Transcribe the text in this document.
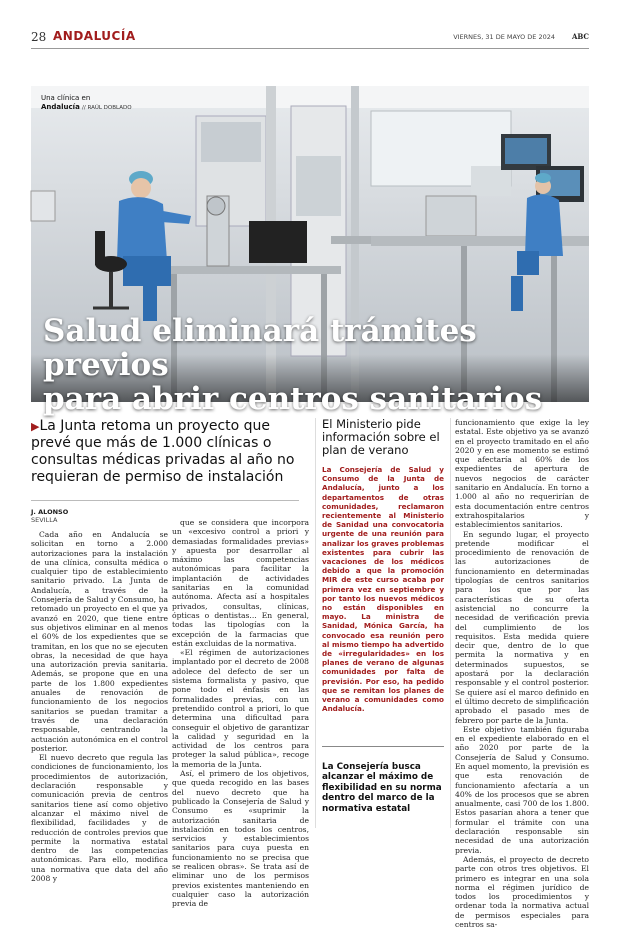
28 ANDALUCÍA	VIERNES, 31 DE MAYO DE 2024 ABC
Una clínica en
Andalucía // RAÚL DOBLADO
Salud eliminará trámites previos
para abrir centros sanitarios
▶La Junta retoma un proyecto que prevé que más de 1.000 clínicas o consultas médicas privadas al año no requieran de permiso de instalación
J. ALONSO
SEVILLA

Cada año en Andalucía se solicitan en torno a 2.000 autorizaciones para la instalación de una clínica, consulta médica o cualquier tipo de establecimiento sanitario privado. La Junta de Andalucía, a través de la Consejería de Salud y Consumo, ha retomado un proyecto en el que ya avanzó en 2020, que tiene entre sus objetivos eliminar en al menos el 60% de los expedientes que se tramitan, en los que no se ejecuten obras, la necesidad de que haya una autorización previa sanitaria. Además, se propone que en una parte de los 1.800 expedientes anuales de renovación de funcionamiento de los negocios sanitarios se puedan tramitar a través de una declaración responsable, centrando la actuación autonómica en el control posterior.

El nuevo decreto que regula las condiciones de funcionamiento, los procedimientos de autorización, declaración responsable y comunicación previa de centros sanitarios tiene así como objetivo alcanzar el máximo nivel de flexibilidad, facilidades y de reducción de controles previos que permite la normativa estatal dentro de las competencias autonómicas. Para ello, modifica una normativa que data del año 2008 y

que se considera que incorpora un «excesivo control a priori y demasiadas formalidades previas» y apuesta por desarrollar al máximo las competencias autonómicas para facilitar la implantación de actividades sanitarias en la comunidad autónoma. Afecta así a hospitales privados, consultas, clínicas, ópticas o dentistas... En general, todas las tipologías con la excepción de la farmacias que están excluidas de la normativa.

«El régimen de autorizaciones implantado por el decreto de 2008 adolece del defecto de ser un sistema formalista y pasivo, que pone todo el énfasis en las formalidades previas, con un pretendido control a priori, lo que determina una dificultad para conseguir el objetivo de garantizar la calidad y seguridad en la actividad de los centros para proteger la salud pública», recoge la memoria de la Junta.

Así, el primero de los objetivos, que queda recogido en las bases del nuevo decreto que ha publicado la Consejería de Salud y Consumo es «suprimir la autorización sanitaria de instalación en todos los centros, servicios y establecimientos sanitarios para cuya puesta en funcionamiento no se precisa que se realicen obras». Se trata así de eliminar uno de los permisos previos existentes manteniendo en cualquier caso la autorización previa de

El Ministerio pide información sobre el plan de verano
La Consejería de Salud y Consumo de la Junta de Andalucía, junto a los departamentos de otras comunidades, reclamaron recientemente al Ministerio de Sanidad una convocatoria urgente de una reunión para analizar los graves problemas existentes para cubrir las vacaciones de los médicos debido a que la promoción MIR de este curso acaba por primera vez en septiembre y por tanto los nuevos médicos no están disponibles en mayo. La ministra de Sanidad, Mónica García, ha convocado esa reunión pero al mismo tiempo ha advertido de «irregularidades» en los planes de verano de algunas comunidades por falta de previsión. Por eso, ha pedido que se remitan los planes de verano a comunidades como Andalucía.
La Consejería busca alcanzar el máximo de flexibilidad en su norma dentro del marco de la normativa estatal

funcionamiento que exige la ley estatal. Este objetivo ya se avanzó en el proyecto tramitado en el año 2020 y en ese momento se estimó que afectaría al 60% de los expedientes de apertura de nuevos negocios de carácter sanitario en Andalucía. En torno a 1.000 al año no requerirían de esta documentación entre centros extrahospitalarios y establecimientos sanitarios.

En segundo lugar, el proyecto pretende modificar el procedimiento de renovación de las autorizaciones de funcionamiento en determinadas tipologías de centros sanitarios para los que por las características de su oferta asistencial no concurre la necesidad de verificación previa del cumplimiento de los requisitos. Esta medida quiere decir que, dentro de lo que permita la normativa y en determinados supuestos, se apostará por la declaración responsable y el control posterior. Se quiere así el marco definido en el último decreto de simplificación aprobado el pasado mes de febrero por parte de la Junta.

Este objetivo también figuraba en el expediente elaborado en el año 2020 por parte de la Consejería de Salud y Consumo. En aquel momento, la previsión es que esta renovación de funcionamiento afectaría a un 40% de los procesos que se abren anualmente, casi 700 de los 1.800. Estos pasarían ahora a tener que formular el trámite con una declaración responsable sin necesidad de una autorización previa.

Además, el proyecto de decreto parte con otros tres objetivos. El primero es integrar en una sola norma el régimen jurídico de todos los procedimientos y ordenar toda la normativa actual de permisos especiales para centros sa-
